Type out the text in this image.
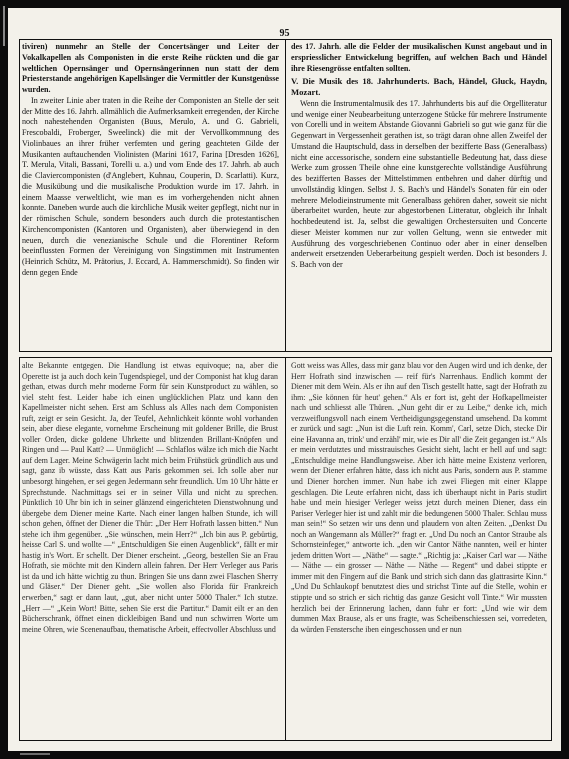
95

tiviren) nunmehr an Stelle der Concertsänger und Leiter der Vokalkapellen als Componisten in die erste Reihe rückten und die gar weltlichen Opernsänger und Opernsängerinnen nun statt der dem Priesterstande angehörigen Kapellsänger die Vermittler der Kunstgenüsse wurden.

In zweiter Linie aber traten in die Reihe der Componisten an Stelle der seit der Mitte des 16. Jahrh. allmählich die Aufmerksamkeit erregenden, der Kirche noch nahestehenden Organisten (Buus, Merulo, A. und G. Gabrieli, Frescobaldi, Froberger, Sweelinck) die mit der Vervollkommnung des Violinbaues an ihrer früher verfemten und gering geachteten Gilde der Musikanten auftauchenden Violinisten (Marini 1617, Farina [Dresden 1626], T. Merula, Vitali, Bassani, Torelli u. a.) und vom Ende des 17. Jahrh. ab auch die Claviercomponisten (d'Anglebert, Kuhnau, Couperin, D. Scarlatti). Kurz, die Musikübung und die musikalische Produktion wurde im 17. Jahrh. in einem Maasse verweltlicht, wie man es im vorhergehenden nicht ahnen konnte. Daneben wurde auch die kirchliche Musik weiter gepflegt, nicht nur in der römischen Schule, sondern besonders auch durch die protestantischen Kirchencomponisten (Kantoren und Organisten), aber überwiegend in den neuen, durch die venezianische Schule und die Florentiner Reform beeinflussten Formen der Vereinigung von Singstimmen mit Instrumenten (Heinrich Schütz, M. Prätorius, J. Eccard, A. Hammerschmidt). So finden wir denn gegen Ende

des 17. Jahrh. alle die Felder der musikalischen Kunst angebaut und in erspriesslicher Entwickelung begriffen, auf welchen Bach und Händel ihre Riesengrösse entfalten sollten.

V. Die Musik des 18. Jahrhunderts. Bach, Händel, Gluck, Haydn, Mozart.

Wenn die Instrumentalmusik des 17. Jahrhunderts bis auf die Orgelliteratur und wenige einer Neubearbeitung unterzogene Stücke für mehrere Instrumente von Corelli und in weitem Abstande Giovanni Gabrieli so gut wie ganz für die Gegenwart in Vergessenheit gerathen ist, so trägt daran ohne allen Zweifel der Umstand die Hauptschuld, dass in derselben der bezifferte Bass (Generalbass) nicht eine accessorische, sondern eine substantielle Bedeutung hat, dass diese Werke zum grossen Theile ohne eine kunstgerechte vollständige Ausführung des bezifferten Basses der Mittelstimmen entbehren und daher dürftig und unvollständig klingen. Selbst J. S. Bach's und Händel's Sonaten für ein oder mehrere Melodieinstrumente mit Generalbass gehören daher, soweit sie nicht überarbeitet wurden, heute zur abgestorbenen Litteratur, obgleich ihr Inhalt hochbedeutend ist. Ja, selbst die gewaltigen Orchestersuiten und Concerte dieser Meister kommen nur zur vollen Geltung, wenn sie entweder mit Ausführung des vorgeschriebenen Continuo oder aber in einer denselben anderweit ersetzenden Ueberarbeitung gespielt werden. Doch ist besonders J. S. Bach von der

alte Bekannte entgegen. Die Handlung ist etwas equivoque; na, aber die Operette ist ja auch doch kein Tugendspiegel, und der Componist hat klug daran gethan, etwas durch mehr moderne Form für sein Kunstproduct zu wählen, so viel steht fest. Leider habe ich einen unglücklichen Platz und kann den Kapellmeister nicht sehen. Erst am Schluss als Alles nach dem Componisten ruft, zeigt er sein Gesicht. Ja, der Teufel, Aehnlichkeit könnte wohl vorhanden sein, aber diese elegante, vornehme Erscheinung mit goldener Brille, die Brust voller Orden, dicke goldene Uhrkette und blitzenden Brillant-Knöpfen und Ringen und — Paul Katt? — Unmöglich! — Schlaflos wälze ich mich die Nacht auf dem Lager. Meine Schwägerin lacht mich beim Frühstück gründlich aus und sagt, ganz ib wüsste, dass Katt aus Paris gekommen sei. Ich solle aber nur unbesorgt hingehen, er sei gegen Jedermann sehr freundlich. Um 10 Uhr hätte er Sprechstunde. Nachmittags sei er in seiner Villa und nicht zu sprechen. Pünktlich 10 Uhr bin ich in seiner glänzend eingerichteten Dienstwohnung und übergebe dem Diener meine Karte. Nach einer langen halben Stunde, ich will schon gehen, öffnet der Diener die Thür: „Der Herr Hofrath lassen bitten.“ Nun stehe ich ihm gegenüber. „Sie wünschen, mein Herr?“ „Ich bin aus P. gebürtig, heisse Carl S. und wollte —“ „Entschuldigen Sie einen Augenblick“, fällt er mir hastig in's Wort. Er schellt. Der Diener erscheint. „Georg, bestellen Sie an Frau Hofrath, sie möchte mit den Kindern allein fahren. Der Herr Verleger aus Paris ist da und ich hätte wichtig zu thun. Bringen Sie uns dann zwei Flaschen Sherry und Gläser.“ Der Diener geht. „Sie wollen also Florida für Frankreich erwerben,“ sagt er dann laut, „gut, aber nicht unter 5000 Thaler.“ Ich stutze. „Herr —“ „Kein Wort! Bitte, sehen Sie erst die Partitur.“ Damit eilt er an den Bücherschrank, öffnet einen dickleibigen Band und nun schwirren Worte um meine Ohren, wie Scenenaufbau, thematische Arbeit, effectvoller Abschluss und

Gott weiss was Alles, dass mir ganz blau vor den Augen wird und ich denke, der Herr Hofrath sind inzwischen — reif für's Narrenhaus. Endlich kommt der Diener mit dem Wein. Als er ihn auf den Tisch gestellt hatte, sagt der Hofrath zu ihm: „Sie können für heut' gehen.“ Als er fort ist, geht der Hofkapellmeister nach und schliesst alle Thüren. „Nun geht dir er zu Leibe,“ denke ich, mich verzweiflungsvoll nach einem Vertheidigungsgegenstand umsehend. Da kommt er zurück und sagt: „Nun ist die Luft rein. Komm', Carl, setze Dich, stecke Dir eine Havanna an, trink' und erzähl' mir, wie es Dir all' die Zeit gegangen ist.“ Als er mein verdutztes und misstrauisches Gesicht sieht, lacht er hell auf und sagt: „Entschuldige meine Handlungsweise. Aber ich hätte meine Existenz verloren, wenn der Diener erfahren hätte, dass ich nicht aus Paris, sondern aus P. stamme und Diener horchen immer. Nun habe ich zwei Fliegen mit einer Klappe geschlagen. Die Leute erfahren nicht, dass ich überhaupt nicht in Paris studirt habe und mein hiesiger Verleger weiss jetzt durch meinen Diener, dass ein Pariser Verleger hier ist und zahlt mir die bedungenen 5000 Thaler. Schlau muss man sein!“ So setzen wir uns denn und plaudern von alten Zeiten. „Denkst Du noch an Wangemann als Müller?“ fragt er. „Und Du noch an Cantor Straube als Schornsteinfeger,“ antworte ich. „den wir Cantor Näthe nannten, weil er hinter jedem dritten Wort — „Näthe“ — sagte.“ „Richtig ja: „Kaiser Carl war — Näthe — Näthe — ein grosser — Näthe — Näthe — Regent“ und dabei stippte er immer mit den Fingern auf die Bank und strich sich dann das glattrasirte Kinn.“ „Und Du Schlaukopf benutztest dies und strichst Tinte auf die Stelle, wohin er stippte und so strich er sich richtig das ganze Gesicht voll Tinte.“ Wir mussten herzlich bei der Erinnerung lachen, dann fuhr er fort: „Und wie wir dem dummen Max Brause, als er uns fragte, was Scheibenschiessen sei, vorredeten, da würden Fenstersche iben eingeschossen und er nun
